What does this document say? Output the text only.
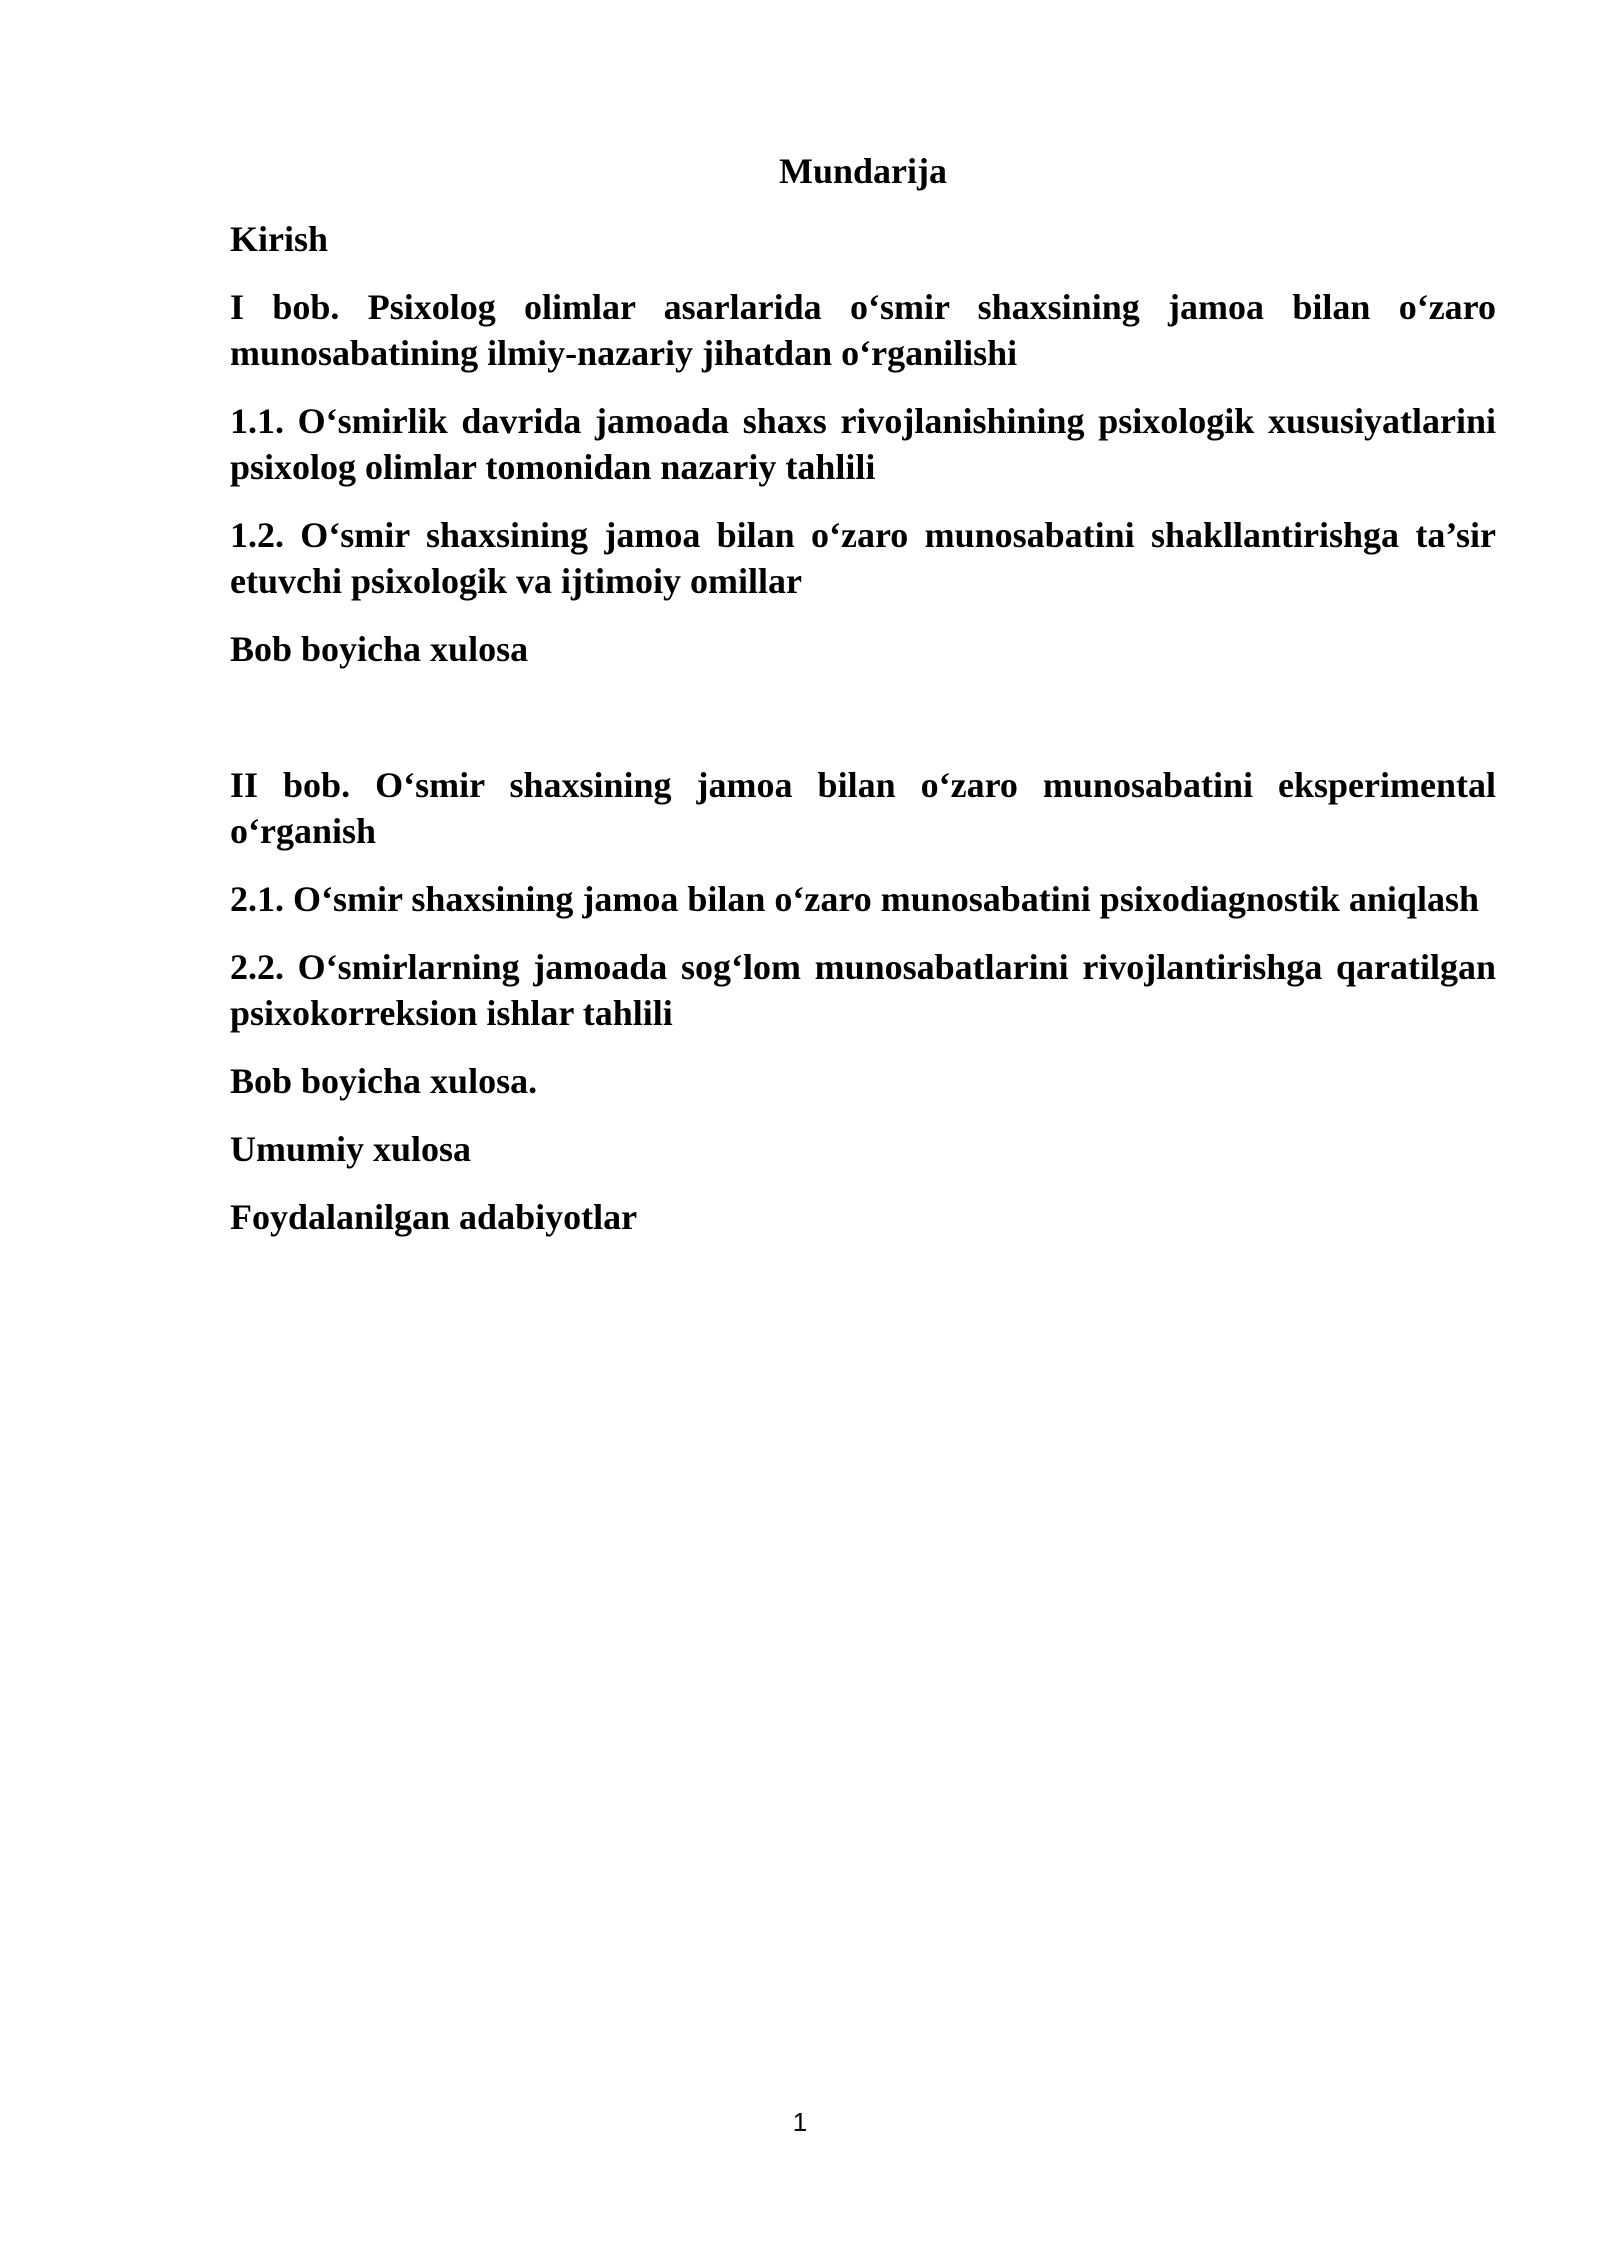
Mundarija
Kirish
I bob. Psixolog olimlar asarlarida o‘smir shaxsining jamoa bilan o‘zaro munosabatining ilmiy-nazariy jihatdan o‘rganilishi
1.1. O‘smirlik davrida jamoada shaxs rivojlanishining psixologik xususiyatlarini psixolog olimlar tomonidan nazariy tahlili
1.2. O‘smir shaxsining jamoa bilan o‘zaro munosabatini shakllantirishga ta’sir etuvchi psixologik va ijtimoiy omillar
Bob boyicha xulosa
II bob. O‘smir shaxsining jamoa bilan o‘zaro munosabatini eksperimental o‘rganish
2.1. O‘smir shaxsining jamoa bilan o‘zaro munosabatini psixodiagnostik aniqlash
2.2. O‘smirlarning jamoada sog‘lom munosabatlarini rivojlantirishga qaratilgan psixokorreksion ishlar tahlili
Bob boyicha xulosa.
Umumiy xulosa
Foydalanilgan adabiyotlar
1
